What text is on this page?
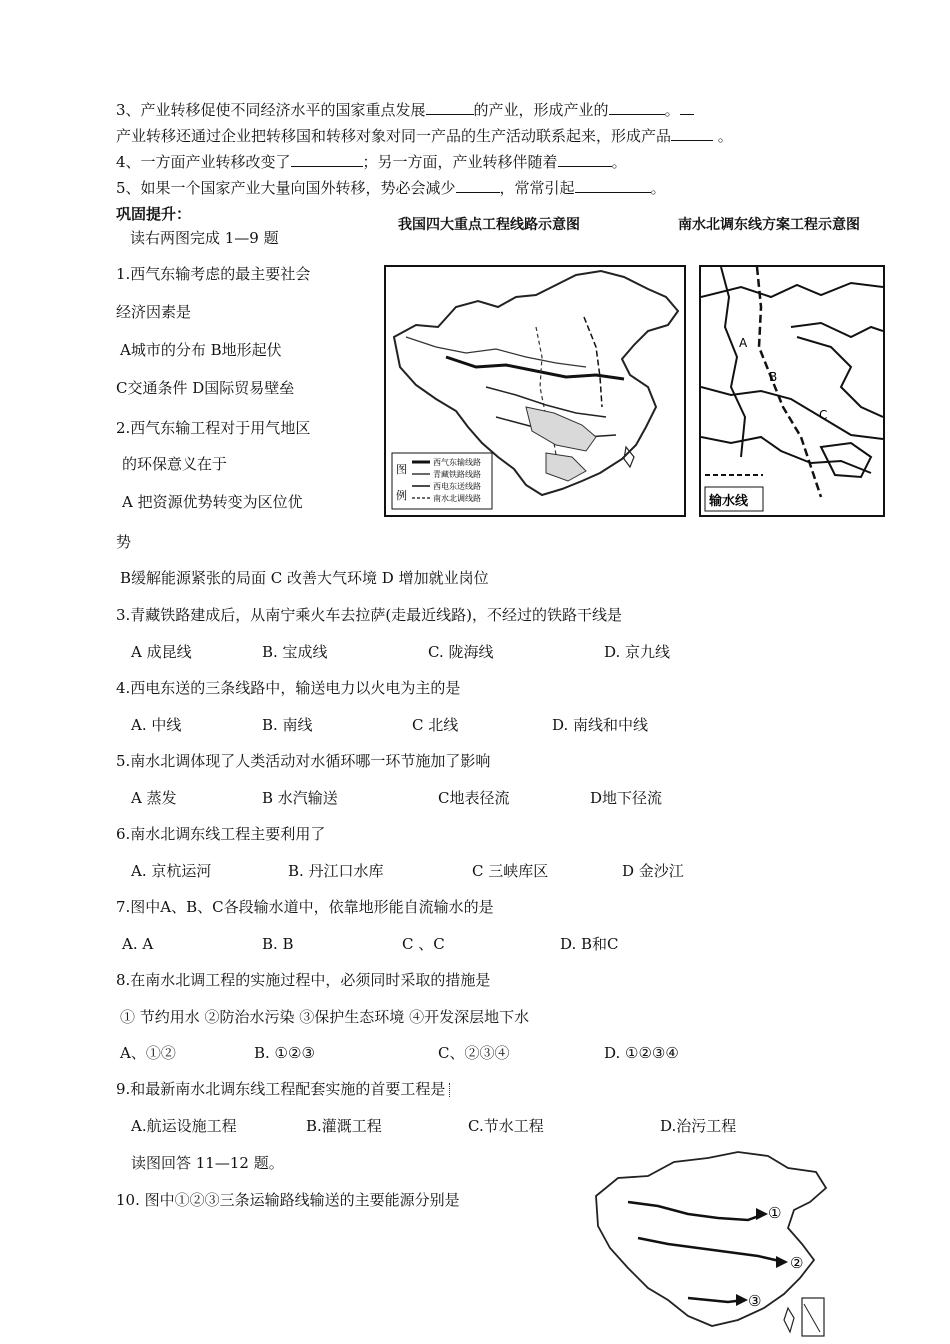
3、产业转移促使不同经济水平的国家重点发展	的产业，形成产业的	。
产业转移还通过企业把转移国和转移对象对同一产品的生产活动联系起来，形成产品	。
4、一方面产业转移改变了	；另一方面，产业转移伴随着	。
5、如果一个国家产业大量向国外转移，势必会减少	，常常引起	。
巩固提升：
读右两图完成 1—9 题
我国四大重点工程线路示意图	南水北调东线方案工程示意图
图
例
西气东输线路
青藏铁路线路
西电东送线路
南水北调线路
A
B
C
输水线
1.西气东输考虑的最主要社会
经济因素是
A城市的分布 B地形起伏
C交通条件 D国际贸易壁垒
2.西气东输工程对于用气地区
的环保意义在于
A 把资源优势转变为区位优
势
B缓解能源紧张的局面 C 改善大气环境 D 增加就业岗位
3.青藏铁路建成后，从南宁乘火车去拉萨(走最近线路)，不经过的铁路干线是
A 成昆线	B. 宝成线	C. 陇海线	D. 京九线
4.西电东送的三条线路中，输送电力以火电为主的是
A. 中线	B. 南线	C 北线	D. 南线和中线
5.南水北调体现了人类活动对水循环哪一环节施加了影响
A 蒸发	B 水汽输送	C地表径流	D地下径流
6.南水北调东线工程主要利用了
A. 京杭运河	B. 丹江口水库	C 三峡库区	D 金沙江
7.图中A、B、C各段输水道中，依靠地形能自流输水的是
A. A	B. B	C 、C	D. B和C
8.在南水北调工程的实施过程中，必须同时采取的措施是
① 节约用水 ②防治水污染 ③保护生态环境 ④开发深层地下水
A、①②	B. ①②③	C、②③④	D. ①②③④
9.和最新南水北调东线工程配套实施的首要工程是
A.航运设施工程	B.灌溉工程	C.节水工程	D.治污工程
读图回答 11—12 题。
10. 图中①②③三条运输路线输送的主要能源分别是
①
②
③
